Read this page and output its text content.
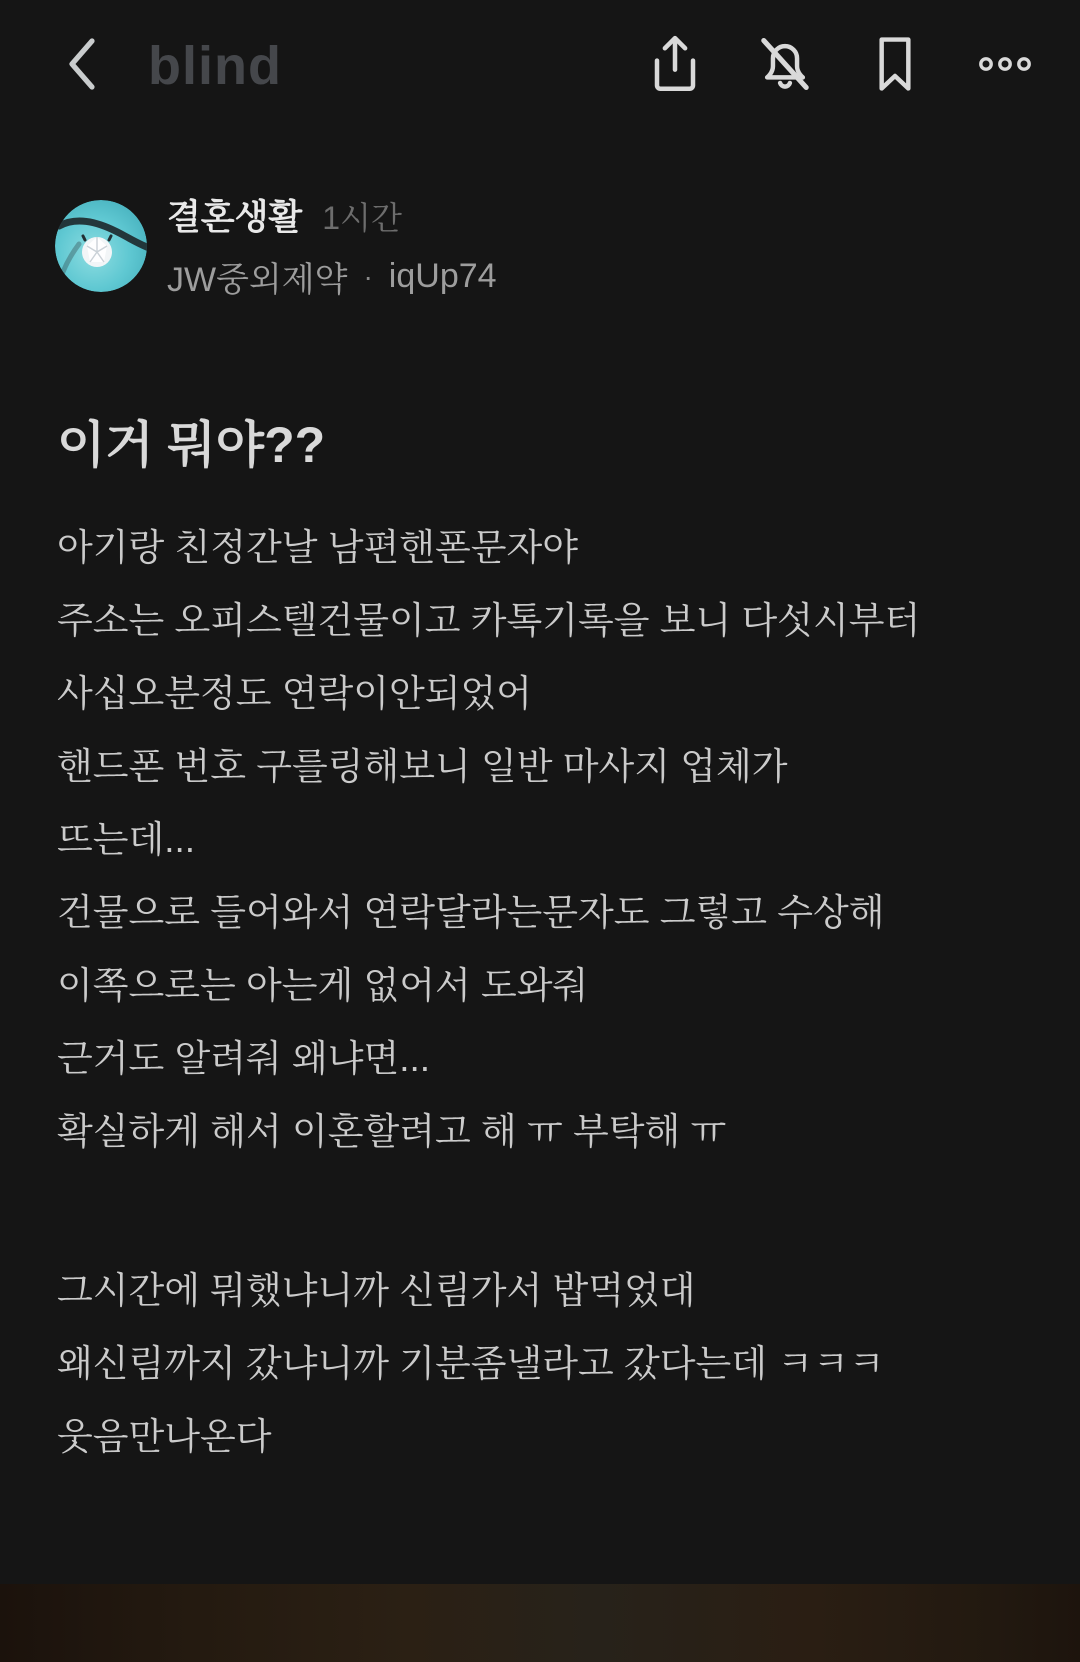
blind
결혼생활 1시간
JW중외제약 · iqUp74
이거 뭐야??
아기랑 친정간날 남편핸폰문자야
주소는 오피스텔건물이고 카톡기록을 보니 다섯시부터
사십오분정도 연락이안되었어
핸드폰 번호 구를링해보니 일반 마사지 업체가
뜨는데...
건물으로 들어와서 연락달라는문자도 그렇고 수상해
이쪽으로는 아는게 없어서 도와줘
근거도 알려줘 왜냐면...
확실하게 해서 이혼할려고 해 ㅠ 부탁해 ㅠ
그시간에 뭐했냐니까 신림가서 밥먹었대
왜신림까지 갔냐니까 기분좀낼라고 갔다는데 ㅋㅋㅋ
웃음만나온다
